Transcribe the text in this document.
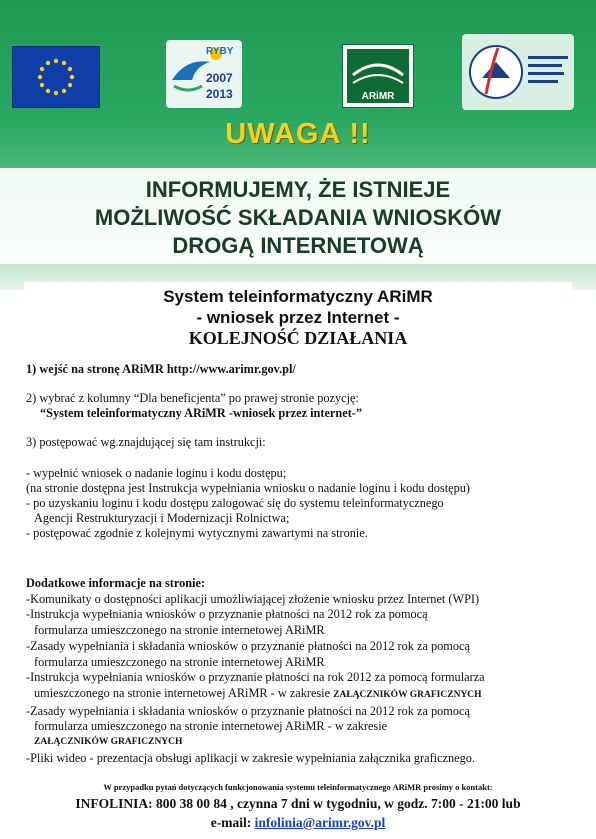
RYBY
2007
2013	ARiMR
UWAGA !!
INFORMUJEMY, ŻE ISTNIEJE
MOŻLIWOŚĆ SKŁADANIA WNIOSKÓW
DROGĄ INTERNETOWĄ
System teleinformatyczny ARiMR
- wniosek przez Internet -
KOLEJNOŚĆ DZIAŁANIA

1) wejść na stronę ARiMR http://www.arimr.gov.pl/

2) wybrać z kolumny “Dla beneficjenta” po prawej stronie pozycję:

“System teleinformatyczny ARiMR -wniosek przez internet-”

3) postępować wg.znajdującej się tam instrukcji:

- wypełnić wniosek o nadanie loginu i kodu dostępu;

(na stronie dostępna jest Instrukcja wypełniania wniosku o nadanie loginu i kodu dostępu)

- po uzyskaniu loginu i kodu dostępu zalogować się do systemu teleinformatycznego

Agencji Restrukturyzacji i Modernizacji Rolnictwa;

- postępować zgodnie z kolejnymi wytycznymi zawartymi na stronie.

Dodatkowe informacje na stronie:

-Komunikaty o dostępności aplikacji umożliwiającej złożenie wniosku przez Internet (WPI)

-Instrukcja wypełniania wniosków o przyznanie płatności na 2012 rok za pomocą

formularza umieszczonego na stronie internetowej ARiMR

-Zasady wypełniania i składania wniosków o przyznanie płatności na 2012 rok za pomocą

formularza umieszczonego na stronie internetowej ARiMR

-Instrukcja wypełniania wniosków o przyznanie płatności na rok 2012 za pomocą formularza

umieszczonego na stronie internetowej ARiMR - w zakresie ZAŁĄCZNIKÓW GRAFICZNYCH

-Zasady wypełniania i składania wniosków o przyznanie płatności na 2012 rok za pomocą

formularza umieszczonego na stronie internetowej ARiMR - w zakresie

ZAŁĄCZNIKÓW GRAFICZNYCH

-Pliki wideo - prezentacja obsługi aplikacji w zakresie wypełniania załącznika graficznego.

W przypadku pytań dotyczących funkcjonowania systemu teleinformatycznego ARiMR prosimy o kontakt:
INFOLINIA: 800 38 00 84 , czynna 7 dni w tygodniu, w godz. 7:00 - 21:00 lub
e-mail: infolinia@arimr.gov.pl
